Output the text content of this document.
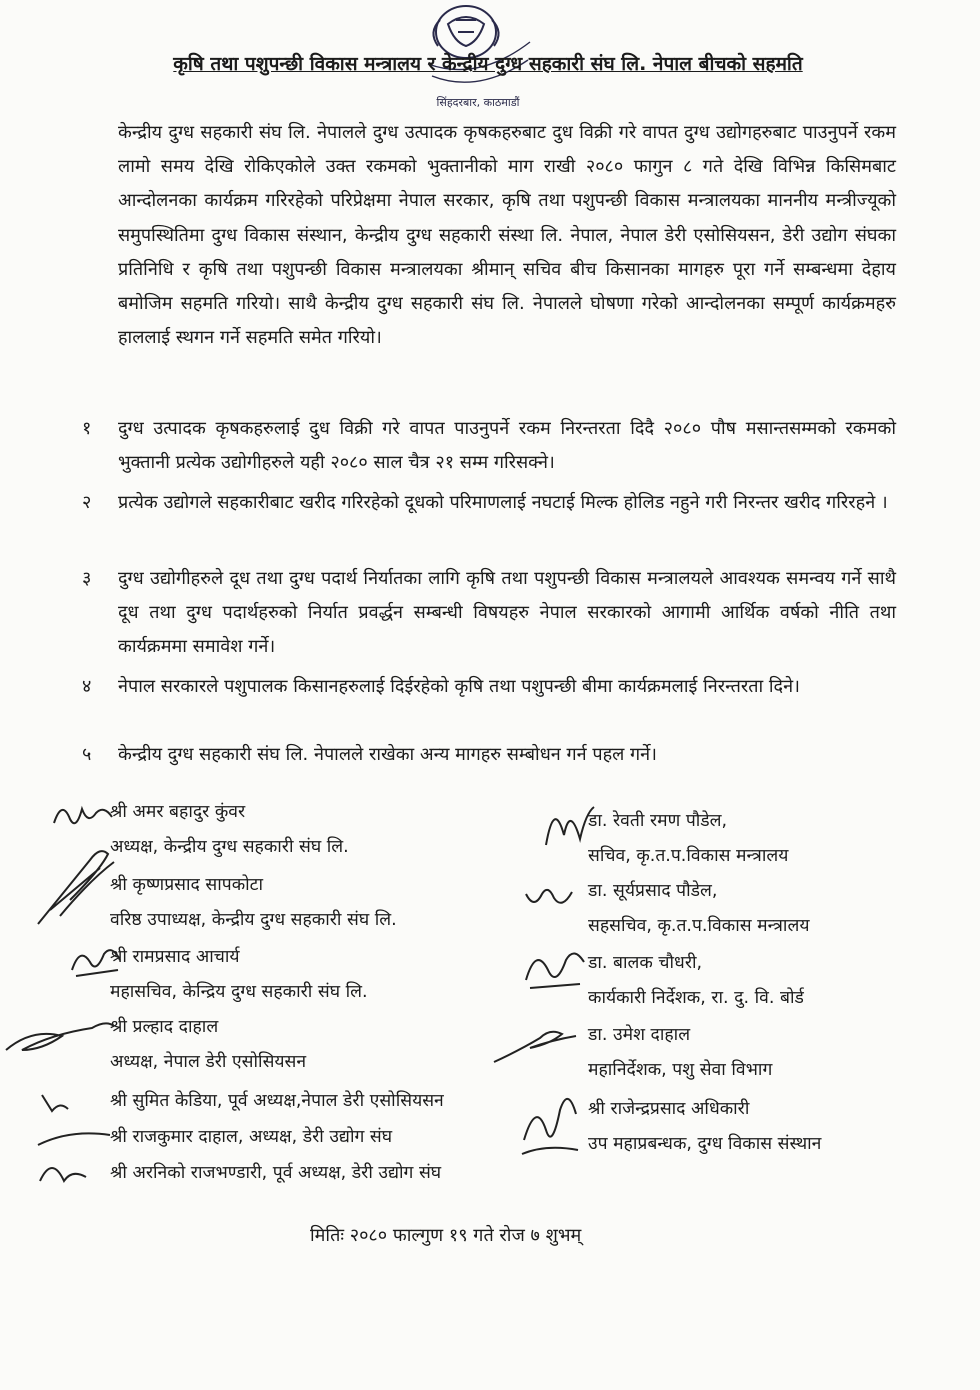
सिंहदरबार, काठमाडौं
कृषि तथा पशुपन्छी विकास मन्त्रालय र केन्द्रीय दुग्ध सहकारी संघ लि. नेपाल बीचको सहमति

केन्द्रीय दुग्ध सहकारी संघ लि. नेपालले दुग्ध उत्पादक कृषकहरुबाट दुध विक्री गरे वापत दुग्ध उद्योगहरुबाट पाउनुपर्ने रकम लामो समय देखि रोकिएकोले उक्त रकमको भुक्तानीको माग राखी २०८० फागुन ८ गते देखि विभिन्न किसिमबाट आन्दोलनका कार्यक्रम गरिरहेको परिप्रेक्षमा नेपाल सरकार, कृषि तथा पशुपन्छी विकास मन्त्रालयका माननीय मन्त्रीज्यूको समुपस्थितिमा दुग्ध विकास संस्थान, केन्द्रीय दुग्ध सहकारी संस्था लि. नेपाल, नेपाल डेरी एसोसियसन, डेरी उद्योग संघका प्रतिनिधि र कृषि तथा पशुपन्छी विकास मन्त्रालयका श्रीमान् सचिव बीच किसानका मागहरु पूरा गर्ने सम्बन्धमा देहाय बमोजिम सहमति गरियो। साथै केन्द्रीय दुग्ध सहकारी संघ लि. नेपालले घोषणा गरेको आन्दोलनका सम्पूर्ण कार्यक्रमहरु हाललाई स्थगन गर्ने सहमति समेत गरियो।

१	दुग्ध उत्पादक कृषकहरुलाई दुध विक्री गरे वापत पाउनुपर्ने रकम निरन्तरता दिदै २०८० पौष मसान्तसम्मको रकमको भुक्तानी प्रत्येक उद्योगीहरुले यही २०८० साल चैत्र २१ सम्म गरिसक्ने।
२	प्रत्येक उद्योगले सहकारीबाट खरीद गरिरहेको दूधको परिमाणलाई नघटाई मिल्क होलिड नहुने गरी निरन्तर खरीद गरिरहने ।
३	दुग्ध उद्योगीहरुले दूध तथा दुग्ध पदार्थ निर्यातका लागि कृषि तथा पशुपन्छी विकास मन्त्रालयले आवश्यक समन्वय गर्ने साथै दूध तथा दुग्ध पदार्थहरुको निर्यात प्रवर्द्धन सम्बन्धी विषयहरु नेपाल सरकारको आगामी आर्थिक वर्षको नीति तथा कार्यक्रममा समावेश गर्ने।
४	नेपाल सरकारले पशुपालक किसानहरुलाई दिईरहेको कृषि तथा पशुपन्छी बीमा कार्यक्रमलाई निरन्तरता दिने।
५	केन्द्रीय दुग्ध सहकारी संघ लि. नेपालले राखेका अन्य मागहरु सम्बोधन गर्न पहल गर्ने।
श्री अमर बहादुर कुंवर
अध्यक्ष, केन्द्रीय दुग्ध सहकारी संघ लि.
श्री कृष्णप्रसाद सापकोटा
वरिष्ठ उपाध्यक्ष, केन्द्रीय दुग्ध सहकारी संघ लि.
श्री रामप्रसाद आचार्य
महासचिव, केन्द्रिय दुग्ध सहकारी संघ लि.
श्री प्रल्हाद दाहाल
अध्यक्ष, नेपाल डेरी एसोसियसन
श्री सुमित केडिया, पूर्व अध्यक्ष,नेपाल डेरी एसोसियसन
श्री राजकुमार दाहाल, अध्यक्ष, डेरी उद्योग संघ
श्री अरनिको राजभण्डारी, पूर्व अध्यक्ष, डेरी उद्योग संघ
डा. रेवती रमण पौडेल,
सचिव, कृ.त.प.विकास मन्त्रालय
डा. सूर्यप्रसाद पौडेल,
सहसचिव, कृ.त.प.विकास मन्त्रालय
डा. बालक चौधरी,
कार्यकारी निर्देशक, रा. दु. वि. बोर्ड
डा. उमेश दाहाल
महानिर्देशक, पशु सेवा विभाग
श्री राजेन्द्रप्रसाद अधिकारी
उप महाप्रबन्धक, दुग्ध विकास संस्थान
मितिः २०८० फाल्गुण १९ गते रोज ७ शुभम्
